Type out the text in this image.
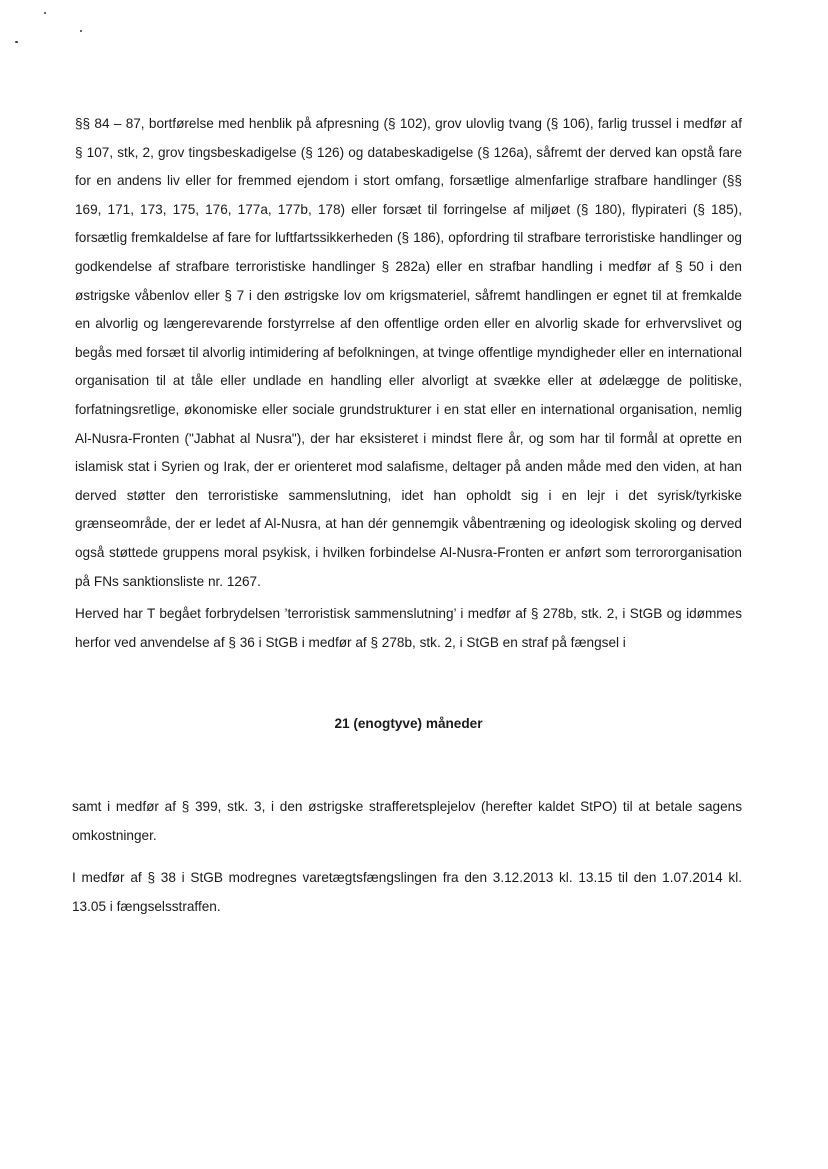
§§ 84 – 87, bortførelse med henblik på afpresning (§ 102), grov ulovlig tvang (§ 106), farlig trussel i medfør af § 107, stk, 2, grov tingsbeskadigelse (§ 126) og databeskadigelse (§ 126a), såfremt der derved kan opstå fare for en andens liv eller for fremmed ejendom i stort omfang, forsætlige almenfarlige strafbare handlinger (§§ 169, 171, 173, 175, 176, 177a, 177b, 178) eller forsæt til forringelse af miljøet (§ 180), flypirateri (§ 185), forsætlig fremkaldelse af fare for luftfartssikkerheden (§ 186), opfordring til strafbare terroristiske handlinger og godkendelse af strafbare terroristiske handlinger § 282a) eller en strafbar handling i medfør af § 50 i den østrigske våbenlov eller § 7 i den østrigske lov om krigsmateriel, såfremt handlingen er egnet til at fremkalde en alvorlig og længerevarende forstyrrelse af den offentlige orden eller en alvorlig skade for erhvervslivet og begås med forsæt til alvorlig intimidering af befolkningen, at tvinge offentlige myndigheder eller en international organisation til at tåle eller undlade en handling eller alvorligt at svække eller at ødelægge de politiske, forfatningsretlige, økonomiske eller sociale grundstrukturer i en stat eller en international organisation, nemlig Al-Nusra-Fronten ("Jabhat al Nusra"), der har eksisteret i mindst flere år, og som har til formål at oprette en islamisk stat i Syrien og Irak, der er orienteret mod salafisme, deltager på anden måde med den viden, at han derved støtter den terroristiske sammenslutning, idet han opholdt sig i en lejr i det syrisk/tyrkiske grænseområde, der er ledet af Al-Nusra, at han dér gennemgik våbentræning og ideologisk skoling og derved også støttede gruppens moral psykisk, i hvilken forbindelse Al-Nusra-Fronten er anført som terrororganisation på FNs sanktionsliste nr. 1267.

Herved har T begået forbrydelsen ’terroristisk sammenslutning’ i medfør af § 278b, stk. 2, i StGB og idømmes herfor ved anvendelse af § 36 i StGB i medfør af § 278b, stk. 2, i StGB en straf på fængsel i

21 (enogtyve) måneder

samt i medfør af § 399, stk. 3, i den østrigske strafferetsplejelov (herefter kaldet StPO) til at betale sagens omkostninger.

I medfør af § 38 i StGB modregnes varetægtsfængslingen fra den 3.12.2013 kl. 13.15 til den 1.07.2014 kl. 13.05 i fængselsstraffen.
